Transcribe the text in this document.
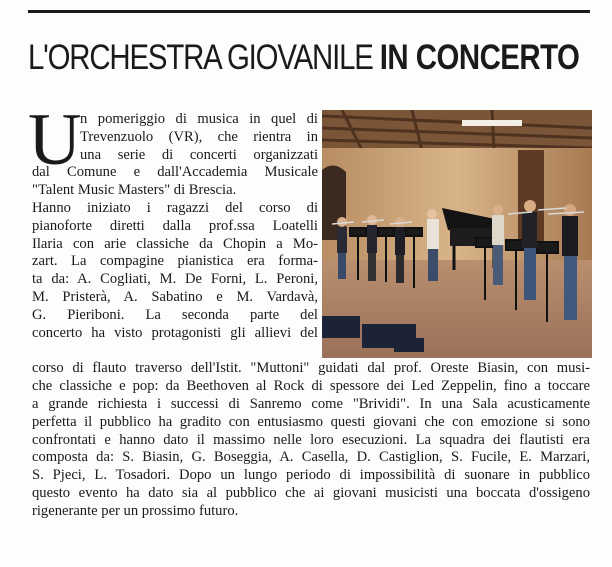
L'ORCHESTRA GIOVANILE IN CONCERTO
U
n pomeriggio di musica in quel di
Trevenzuolo (VR), che rientra in
una serie di concerti organizzati
dal Comune e dall'Accademia Musicale
"Talent Music Masters" di Brescia.
Hanno iniziato i ragazzi del corso di
pianoforte diretti dalla prof.ssa Loatelli
Ilaria con arie classiche da Chopin a Mo-
zart. La compagine pianistica era forma-
ta da: A. Cogliati, M. De Forni, L. Peroni,
M. Pristerà, A. Sabatino e M. Vardavà,
G. Pieriboni. La seconda parte del
concerto ha visto protagonisti gli allievi del
corso di flauto traverso dell'Istit. "Muttoni" guidati dal prof. Oreste Biasin, con musi-
che classiche e pop: da Beethoven al Rock di spessore dei Led Zeppelin, fino a toccare
a grande richiesta i successi di Sanremo come "Brividi". In una Sala acusticamente
perfetta il pubblico ha gradito con entusiasmo questi giovani che con emozione si sono
confrontati e hanno dato il massimo nelle loro esecuzioni. La squadra dei flautisti era
composta da: S. Biasin, G. Boseggia, A. Casella, D. Castiglion, S. Fucile, E. Marzari,
S. Pjeci, L. Tosadori. Dopo un lungo periodo di impossibilità di suonare in pubblico
questo evento ha dato sia al pubblico che ai giovani musicisti una boccata d'ossigeno
rigenerante per un prossimo futuro.
